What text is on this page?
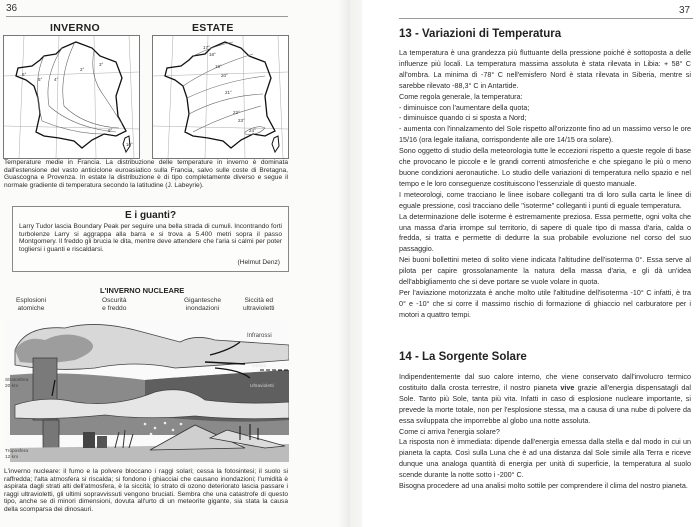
36
INVERNO	ESTATE
2°
3°
4°
5°
6°
9°
10°
17°
18°
19°
20°
21°
22°
23°
24°
Temperature medie in Francia. La distribuzione delle temperature in inverno è dominata dall'estensione del vasto anticiclone euroasiatico sulla Francia, salvo sulle coste di Bretagna, Guascogna e Provenza. In estate la distribuzione è di tipo completamente diverso e segue il normale gradiente di temperatura secondo la latitudine (J. Labeyrie).
E i guanti?
Larry Tudor lascia Boundary Peak per seguire una bella strada di cumuli. Incontrando forti turbolenze Larry si aggrappa alla barra e si trova a 5.400 metri sopra il passo Montgomery. Il freddo gli brucia le dita, mentre deve attendere che l'aria si calmi per poter togliersi i guanti e riscaldarsi.
(Helmut Denz)
L'INVERNO NUCLEARE
Esplosioni
atomiche
Oscurità
e freddo
Gigantesche
inondazioni
Siccità ed
ultravioletti
Infrarossi
Ozono
Ultravioletti
Stratosfera
20 km
Troposfera
12 km
L'inverno nucleare: il fumo e la polvere bloccano i raggi solari; cessa la fotosintesi; il suolo si raffredda; l'alta atmosfera si riscalda; si fondono i ghiacciai che causano inondazioni; l'umidità è aspirata dagli strati alti dell'atmosfera, è la siccità; lo strato di ozono deteriorato lascia passare i raggi ultravioletti, gli ultimi sopravvissuti vengono bruciati. Sembra che una catastrofe di questo tipo, anche se di minori dimensioni, dovuta all'urto di un meteorite gigante, sia stata la causa della scomparsa dei dinosauri.
37
13 - Variazioni di Temperatura

La temperatura è una grandezza più fluttuante della pressione poiché è sottoposta a delle influenze più locali. La temperatura massima assoluta è stata rilevata in Libia: + 58° C all'ombra. La minima di -78° C nell'emisfero Nord è stata rilevata in Siberia, mentre si sarebbe rilevato -88,3° C in Antartide.

Come regola generale, la temperatura:

- diminuisce con l'aumentare della quota;

- diminuisce quando ci si sposta a Nord;

- aumenta con l'innalzamento del Sole rispetto all'orizzonte fino ad un massimo verso le ore 15/16 (ora legale italiana, corrispondente alle ore 14/15 ora solare).

Sono oggetto di studio della meteorologia tutte le eccezioni rispetto a queste regole di base che provocano le piccole e le grandi correnti atmosferiche e che spiegano le più o meno buone condizioni aeronautiche. Lo studio delle variazioni di temperatura nello spazio e nel tempo e le loro conseguenze costituiscono l'essenziale di questo manuale.

I meteorologi, come tracciano le linee isobare colleganti tra di loro sulla carta le linee di eguale pressione, così tracciano delle ''isoterme'' colleganti i punti di eguale temperatura.

La determinazione delle isoterme è estremamente preziosa. Essa permette, ogni volta che una massa d'aria irrompe sul territorio, di sapere di quale tipo di massa d'aria, calda o fredda, si tratta e permette di dedurre la sua probabile evoluzione nel corso del suo passaggio.

Nei buoni bollettini meteo di solito viene indicata l'altitudine dell'isoterma 0°. Essa serve al pilota per capire grossolanamente la natura della massa d'aria, e gli dà un'idea dell'abbigliamento che si deve portare se vuole volare in quota.

Per l'aviazione motorizzata è anche molto utile l'altitudine dell'isoterma -10° C infatti, è tra 0° e -10° che si corre il massimo rischio di formazione di ghiaccio nel carburatore per i motori a quattro tempi.

14 - La Sorgente Solare

Indipendentemente dal suo calore interno, che viene conservato dall'involucro termico costituito dalla crosta terrestre, il nostro pianeta vive grazie all'energia dispensatagli dal Sole. Tanto più Sole, tanta più vita. Infatti in caso di esplosione nucleare importante, si prevede la morte totale, non per l'esplosione stessa, ma a causa di una nube di polvere da essa sviluppata che imporrebbe al globo una notte assoluta.

Come ci arriva l'energia solare?

La risposta non è immediata: dipende dall'energia emessa dalla stella e dal modo in cui un pianeta la capta. Così sulla Luna che è ad una distanza dal Sole simile alla Terra e riceve dunque una analoga quantità di energia per unità di superficie, la temperatura al suolo scende durante la notte sotto i -200° C.

Bisogna procedere ad una analisi molto sottile per comprendere il clima del nostro pianeta.
